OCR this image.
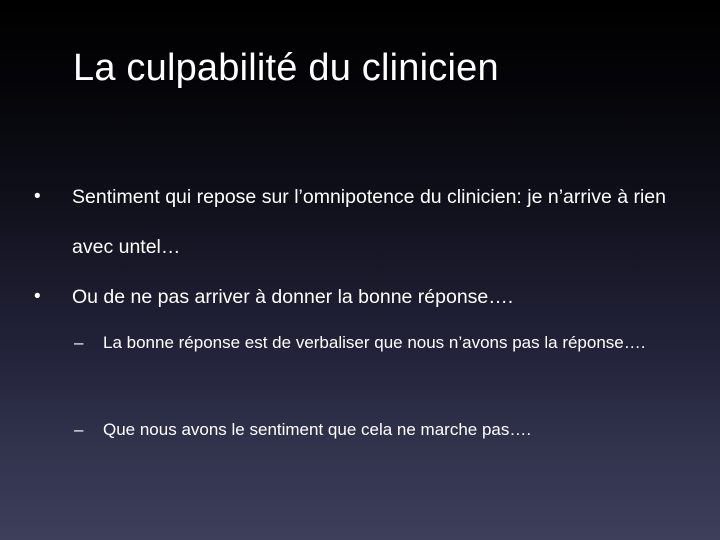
La culpabilité du clinicien
•	Sentiment qui repose sur l’omnipotence du clinicien: je n’arrive à rien avec untel…
•	Ou de ne pas arriver à donner la bonne réponse….
–	La bonne réponse est de verbaliser que nous n’avons pas la réponse….
–	Que nous avons le sentiment que cela ne marche pas….
